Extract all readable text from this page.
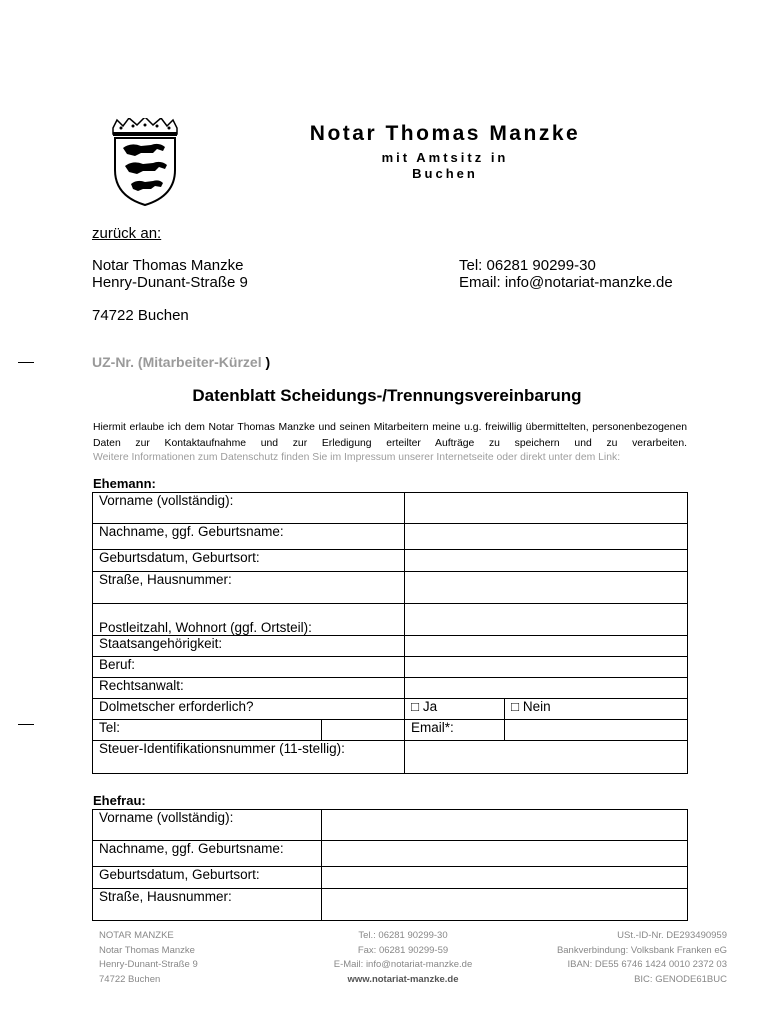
Notar Thomas Manzke
mit Amtsitz in
Buchen
zurück an:
Notar Thomas Manzke
Henry-Dunant-Straße 9
74722 Buchen
Tel: 06281 90299-30
Email: info@notariat-manzke.de
UZ-Nr. (Mitarbeiter-Kürzel )
Datenblatt Scheidungs-/Trennungsvereinbarung
Hiermit erlaube ich dem Notar Thomas Manzke und seinen Mitarbeitern meine u.g. freiwillig übermittelten, personenbezogenen Daten zur Kontaktaufnahme und zur Erledigung erteilter Aufträge zu speichern und zu verarbeiten.
Weitere Informationen zum Datenschutz finden Sie im Impressum unserer Internetseite oder direkt unter dem Link:
Ehemann:
Vorname (vollständig):			
Nachname, ggf. Geburtsname:			
Geburtsdatum, Geburtsort:			
Straße, Hausnummer:			
Postleitzahl, Wohnort (ggf. Ortsteil):			
Staatsangehörigkeit:			
Beruf:			
Rechtsanwalt:			
Dolmetscher erforderlich?		□ Ja	□ Nein
Tel:		Email*:	
Steuer-Identifikationsnummer (11-stellig):			
Ehefrau:
Vorname (vollständig):	
Nachname, ggf. Geburtsname:	
Geburtsdatum, Geburtsort:	
Straße, Hausnummer:	
NOTAR MANZKE
Notar Thomas Manzke
Henry-Dunant-Straße 9
74722 Buchen
Tel.: 06281 90299-30
Fax: 06281 90299-59
E-Mail: info@notariat-manzke.de
www.notariat-manzke.de
USt.-ID-Nr. DE293490959
Bankverbindung: Volksbank Franken eG
IBAN: DE55 6746 1424 0010 2372 03
BIC: GENODE61BUC
